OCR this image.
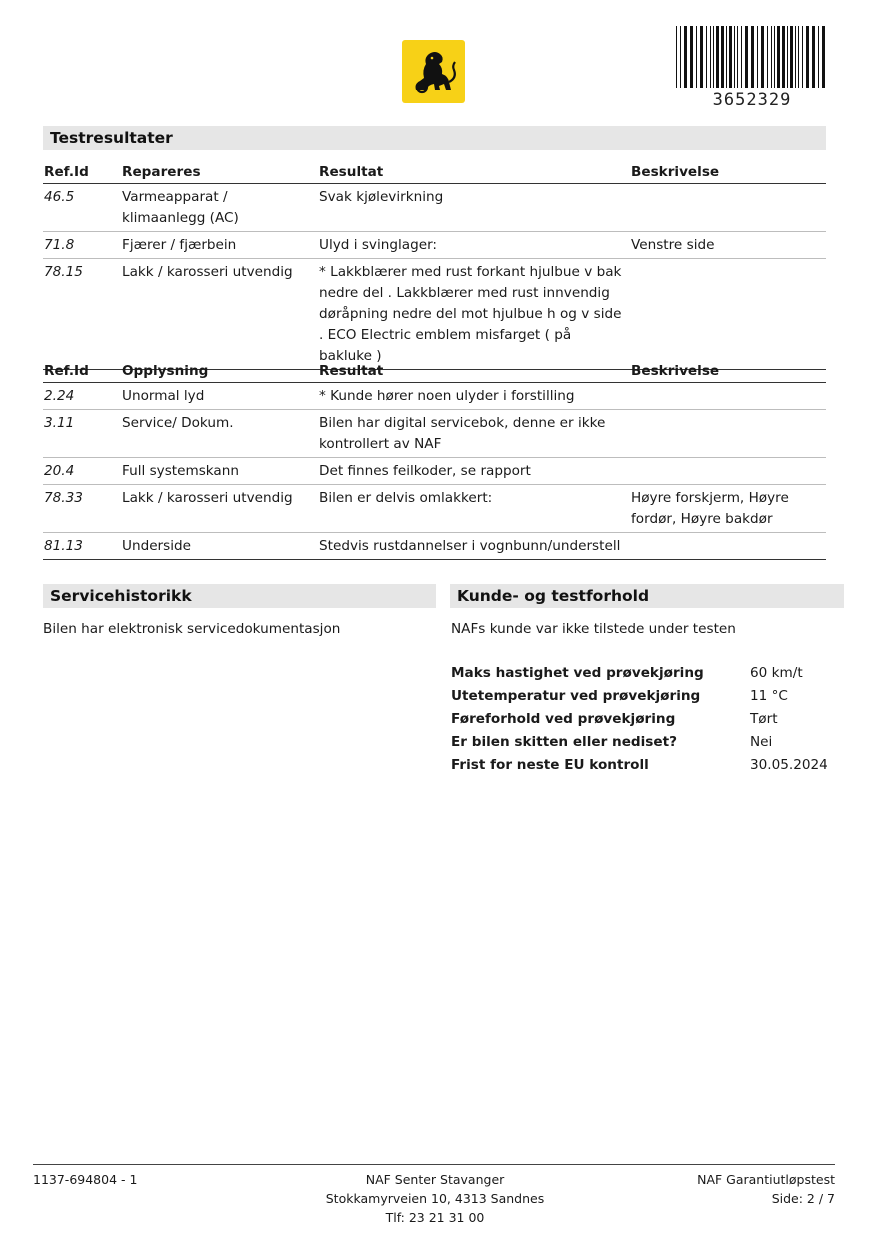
3652329
Testresultater
Ref.Id	Repareres	Resultat	Beskrivelse
46.5	Varmeapparat / klimaanlegg (AC)	Svak kjølevirkning	
71.8	Fjærer / fjærbein	Ulyd i svinglager:	Venstre side
78.15	Lakk / karosseri utvendig	* Lakkblærer med rust forkant hjulbue v bak nedre del . Lakkblærer med rust innvendig døråpning nedre del mot hjulbue h og v side . ECO Electric emblem misfarget ( på bakluke )	
Ref.Id	Opplysning	Resultat	Beskrivelse
2.24	Unormal lyd	* Kunde hører noen ulyder i forstilling	
3.11	Service/ Dokum.	Bilen har digital servicebok, denne er ikke kontrollert av NAF	
20.4	Full systemskann	Det finnes feilkoder, se rapport	
78.33	Lakk / karosseri utvendig	Bilen er delvis omlakkert:	Høyre forskjerm, Høyre fordør, Høyre bakdør
81.13	Underside	Stedvis rustdannelser i vognbunn/understell	
Servicehistorikk
Bilen har elektronisk servicedokumentasjon
Kunde- og testforhold
NAFs kunde var ikke tilstede under testen
Maks hastighet ved prøvekjøring	60 km/t
Utetemperatur ved prøvekjøring	11 °C
Føreforhold ved prøvekjøring	Tørt
Er bilen skitten eller nediset?	Nei
Frist for neste EU kontroll	30.05.2024
1137-694804 - 1	NAF Senter Stavanger
Stokkamyrveien 10, 4313 Sandnes
Tlf: 23 21 31 00
NAF Garantiutløpstest
Side: 2 / 7
